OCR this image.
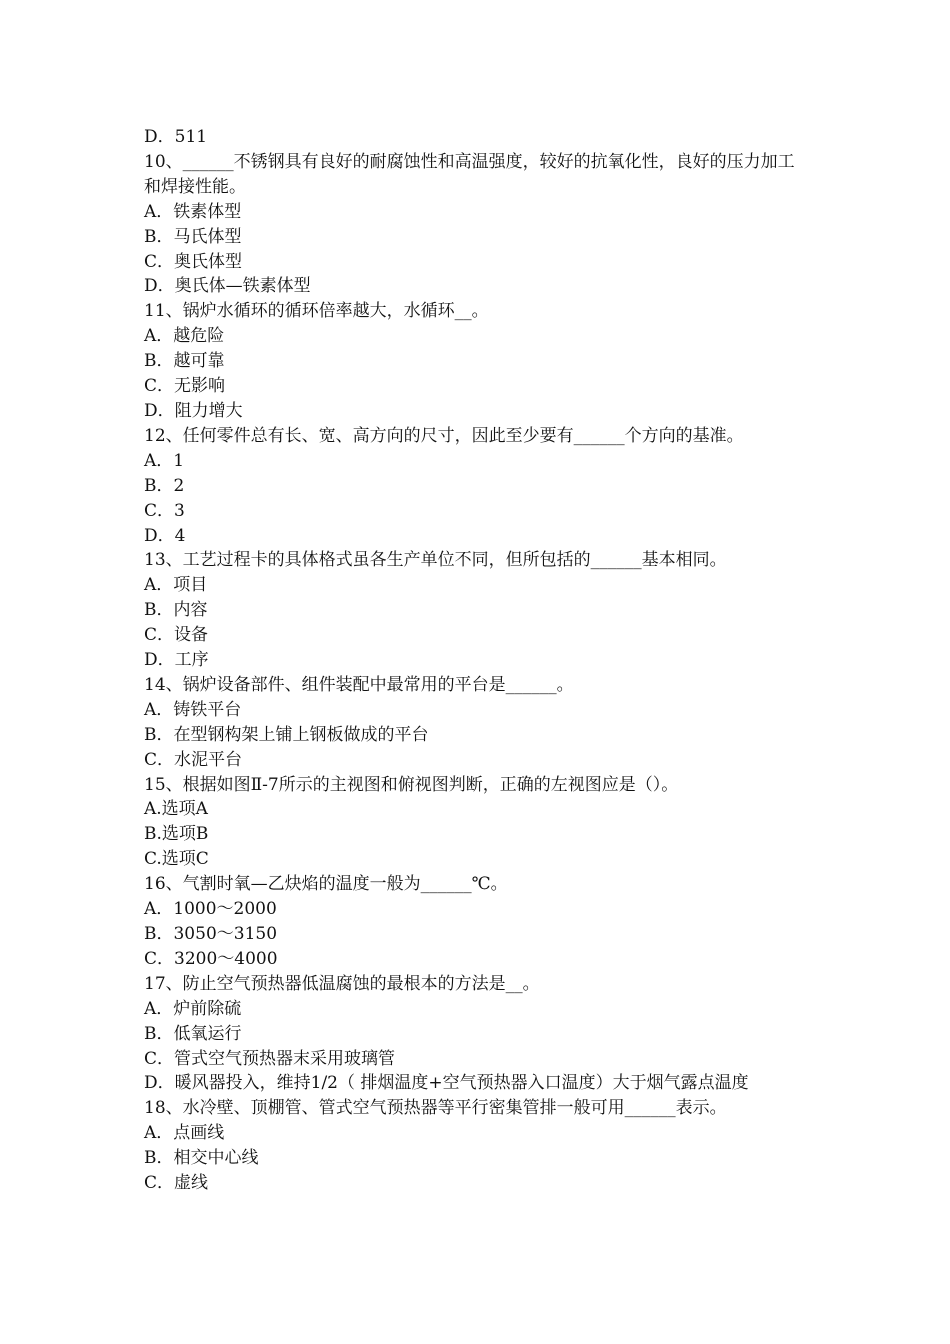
D．511

10、______不锈钢具有良好的耐腐蚀性和高温强度，较好的抗氧化性，良好的压力加工和焊接性能。

A．铁素体型

B．马氏体型

C．奥氏体型

D．奥氏体—铁素体型

11、锅炉水循环的循环倍率越大，水循环__。

A．越危险

B．越可靠

C．无影响

D．阻力增大

12、任何零件总有长、宽、高方向的尺寸，因此至少要有______个方向的基准。

A．1

B．2

C．3

D．4

13、工艺过程卡的具体格式虽各生产单位不同，但所包括的______基本相同。

A．项目

B．内容

C．设备

D．工序

14、锅炉设备部件、组件装配中最常用的平台是______。

A．铸铁平台

B．在型钢构架上铺上钢板做成的平台

C．水泥平台

15、根据如图Ⅱ-7所示的主视图和俯视图判断，正确的左视图应是（）。

A.选项A

B.选项B

C.选项C

16、气割时氧—乙炔焰的温度一般为______℃。

A．1000～2000

B．3050～3150

C．3200～4000

17、防止空气预热器低温腐蚀的最根本的方法是__。

A．炉前除硫

B．低氧运行

C．管式空气预热器末采用玻璃管

D．暖风器投入，维持1/2（ 排烟温度+空气预热器入口温度）大于烟气露点温度

18、水冷壁、顶棚管、管式空气预热器等平行密集管排一般可用______表示。

A．点画线

B．相交中心线

C．虚线
